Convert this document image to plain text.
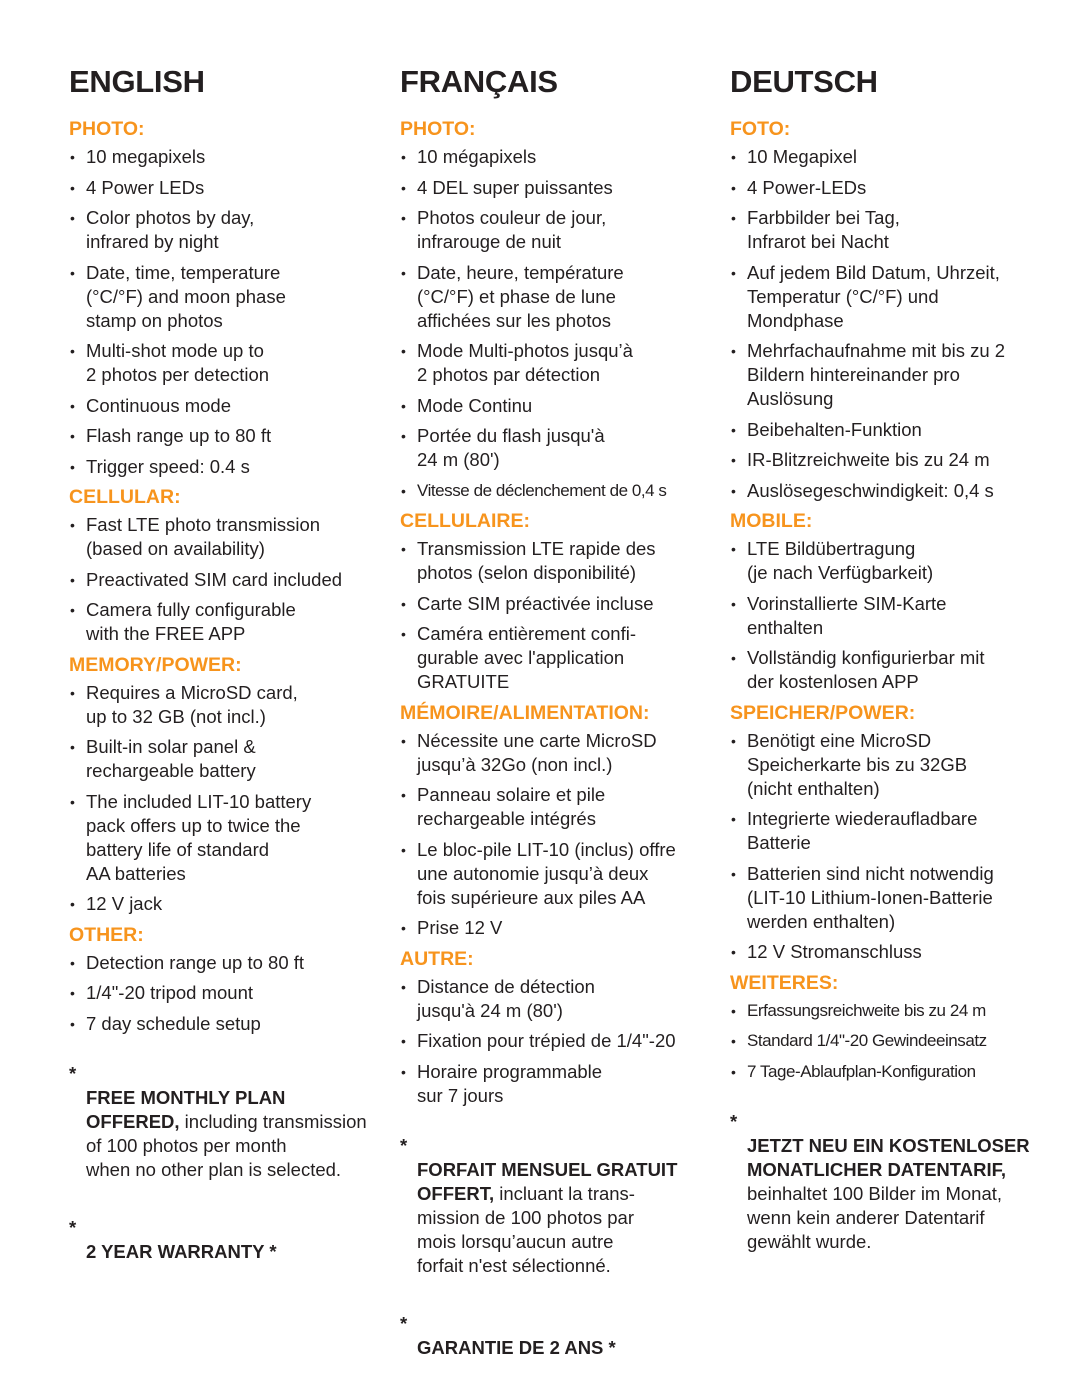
ENGLISH
PHOTO:
• 10 megapixels
• 4 Power LEDs
• Color photos by day,
infrared by night
• Date, time, temperature
(°C/°F) and moon phase
stamp on photos
• Multi-shot mode up to
2 photos per detection
• Continuous mode
• Flash range up to 80 ft
• Trigger speed: 0.4 s
CELLULAR:
• Fast LTE photo transmission
(based on availability)
• Preactivated SIM card included
• Camera fully configurable
with the FREE APP
MEMORY/POWER:
• Requires a MicroSD card,
up to 32 GB (not incl.)
• Built-in solar panel &
rechargeable battery
• The included LIT-10 battery
pack offers up to twice the
battery life of standard
AA batteries
• 12 V jack
OTHER:
• Detection range up to 80 ft
• 1/4"-20 tripod mount
• 7 day schedule setup

*
FREE MONTHLY PLAN
OFFERED, including transmission
of 100 photos per month
when no other plan is selected.

*
2 YEAR WARRANTY *

FRANÇAIS
PHOTO:
• 10 mégapixels
• 4 DEL super puissantes
• Photos couleur de jour,
infrarouge de nuit
• Date, heure, température
(°C/°F) et phase de lune
affichées sur les photos
• Mode Multi-photos jusqu’à
2 photos par détection
• Mode Continu
• Portée du flash jusqu'à
24 m (80')
• Vitesse de déclenchement de 0,4 s
CELLULAIRE:
• Transmission LTE rapide des
photos (selon disponibilité)
• Carte SIM préactivée incluse
• Caméra entièrement confi-
gurable avec l'application
GRATUITE
MÉMOIRE/ALIMENTATION:
• Nécessite une carte MicroSD
jusqu’à 32Go (non incl.)
• Panneau solaire et pile
rechargeable intégrés
• Le bloc-pile LIT-10 (inclus) offre
une autonomie jusqu’à deux
fois supérieure aux piles AA
• Prise 12 V
AUTRE:
• Distance de détection
jusqu'à 24 m (80')
• Fixation pour trépied de 1/4"-20
• Horaire programmable
sur 7 jours

*
FORFAIT MENSUEL GRATUIT
OFFERT, incluant la trans-
mission de 100 photos par
mois lorsqu’aucun autre
forfait n'est sélectionné.

*
GARANTIE DE 2 ANS *

DEUTSCH
FOTO:
• 10 Megapixel
• 4 Power-LEDs
• Farbbilder bei Tag,
Infrarot bei Nacht
• Auf jedem Bild Datum, Uhrzeit,
Temperatur (°C/°F) und
Mondphase
• Mehrfachaufnahme mit bis zu 2
Bildern hintereinander pro
Auslösung
• Beibehalten-Funktion
• IR-Blitzreichweite bis zu 24 m
• Auslösegeschwindigkeit: 0,4 s
MOBILE:
• LTE Bildübertragung
(je nach Verfügbarkeit)
• Vorinstallierte SIM-Karte
enthalten
• Vollständig konfigurierbar mit
der kostenlosen APP
SPEICHER/POWER:
• Benötigt eine MicroSD
Speicherkarte bis zu 32GB
(nicht enthalten)
• Integrierte wiederaufladbare
Batterie
• Batterien sind nicht notwendig
(LIT-10 Lithium-Ionen-Batterie
werden enthalten)
• 12 V Stromanschluss
WEITERES:
• Erfassungsreichweite bis zu 24 m
• Standard 1/4"-20 Gewindeeinsatz
• 7 Tage-Ablaufplan-Konfiguration

*
JETZT NEU EIN KOSTENLOSER
MONATLICHER DATENTARIF,
beinhaltet 100 Bilder im Monat,
wenn kein anderer Datentarif
gewählt wurde.
